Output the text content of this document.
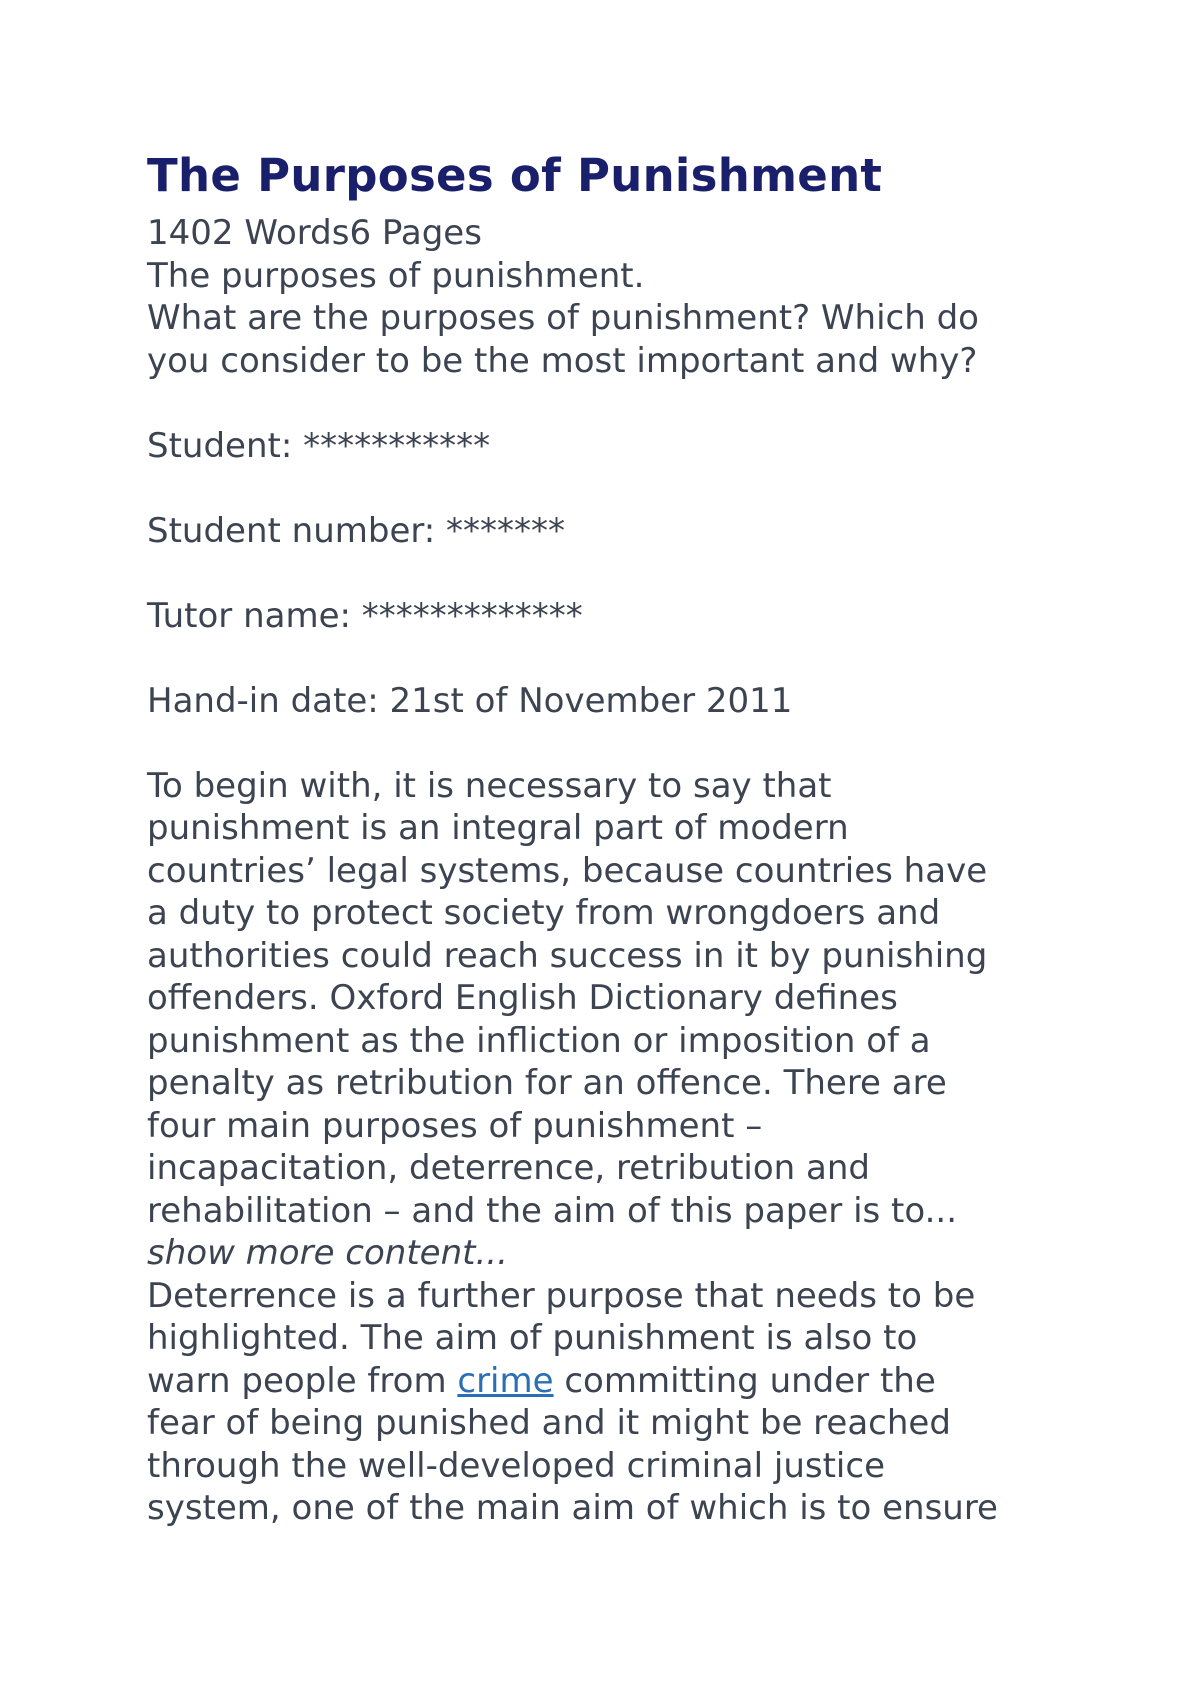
The Purposes of Punishment

1402 Words6 Pages

The purposes of punishment.

What are the purposes of punishment? Which do

you consider to be the most important and why?

Student: ***********

Student number: *******

Tutor name: *************

Hand-in date: 21st of November 2011

To begin with, it is necessary to say that
punishment is an integral part of modern
countries’ legal systems, because countries have
a duty to protect society from wrongdoers and
authorities could reach success in it by punishing
offenders. Oxford English Dictionary defines
punishment as the infliction or imposition of a
penalty as retribution for an offence. There are
four main purposes of punishment –
incapacitation, deterrence, retribution and
rehabilitation – and the aim of this paper is to...
show more content...
Deterrence is a further purpose that needs to be
highlighted. The aim of punishment is also to
warn people from crime committing under the
fear of being punished and it might be reached
through the well-developed criminal justice
system, one of the main aim of which is to ensure
